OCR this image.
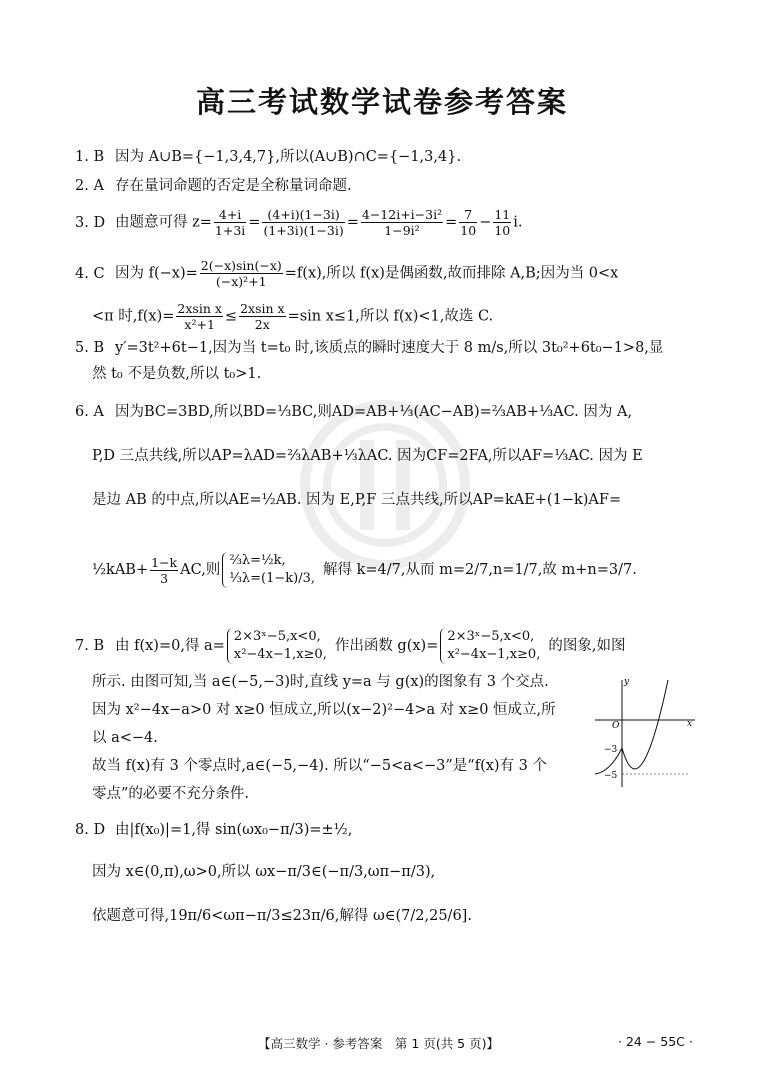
高三考试数学试卷参考答案
1. B 因为 A∪B={−1,3,4,7},所以(A∪B)∩C={−1,3,4}.
2. A 存在量词命题的否定是全称量词命题.
3. D 由题意可得 $z= \frac{4+i}{1+3i} = \frac{(4+i)(1-3i)}{(1+3i)(1-3i)} = \frac{\text{4−12i+i−3i²}}{\text{1−9i²}} = \frac{7}{10} - \frac{11}{10} i$.
4. C 因为 $f(-x)= \frac{2(-x)\sin(-x)}{\text{(−x)²+1}} =f(x)$,所以 f(x)是偶函数,故而排除 A,B;因为当 0<x
<π 时$,f(x)= \frac{\text{2xsin x}}{\text{x²+1}} \le \frac{\text{2xsin x}}{2x} =\sin$ x≤1,所以 f(x)<1,故选 C.
5. B y′=3t²+6t−1,因为当 t=t₀ 时,该质点的瞬时速度大于 8 m/s,所以 3t₀²+6t₀−1>8,显
然 t₀ 不是负数,所以 t₀>1.
6. A 因为BC=3BD,所以BD=⅓BC,则AD=AB+⅓(AC−AB)=⅔AB+⅓AC. 因为 A,
P,D 三点共线,所以AP=λAD=⅔λAB+⅓λAC. 因为CF=2FA,所以AF=⅓AC. 因为 E
是边 AB 的中点,所以AE=½AB. 因为 E,P,F 三点共线,所以AP=kAE+(1−k)AF=
½kAB+ $\frac{1-k}{3}$ AC,则
⅔λ=½k,
⅓λ=(1−k)/3,
解得 k=4/7,从而 m=2/7,n=1/7,故 m+n=3/7.
7. B 由 f(x)=0,得 a=
2×3ˣ−5,x<0,
x²−4x−1,x≥0,
作出函数 g(x)=
2×3ˣ−5,x<0,
x²−4x−1,x≥0,
的图象,如图
所示. 由图可知,当 a∈(−5,−3)时,直线 y=a 与 g(x)的图象有 3 个交点.
因为 x²−4x−a>0 对 x≥0 恒成立,所以(x−2)²−4>a 对 x≥0 恒成立,所
以 a<−4.
故当 f(x)有 3 个零点时,a∈(−5,−4). 所以“−5<a<−3”是“f(x)有 3 个
零点”的必要不充分条件.
y
x
O
−3
−5
8. D 由|f(x₀)|=1,得 sin(ωx₀−π/3)=±½,
因为 x∈(0,π),ω>0,所以 ωx−π/3∈(−π/3,ωπ−π/3),
依题意可得,19π/6<ωπ−π/3≤23π/6,解得 ω∈(7/2,25/6].
【高三数学 · 参考答案　第 1 页(共 5 页)】	· 24 − 55C ·
